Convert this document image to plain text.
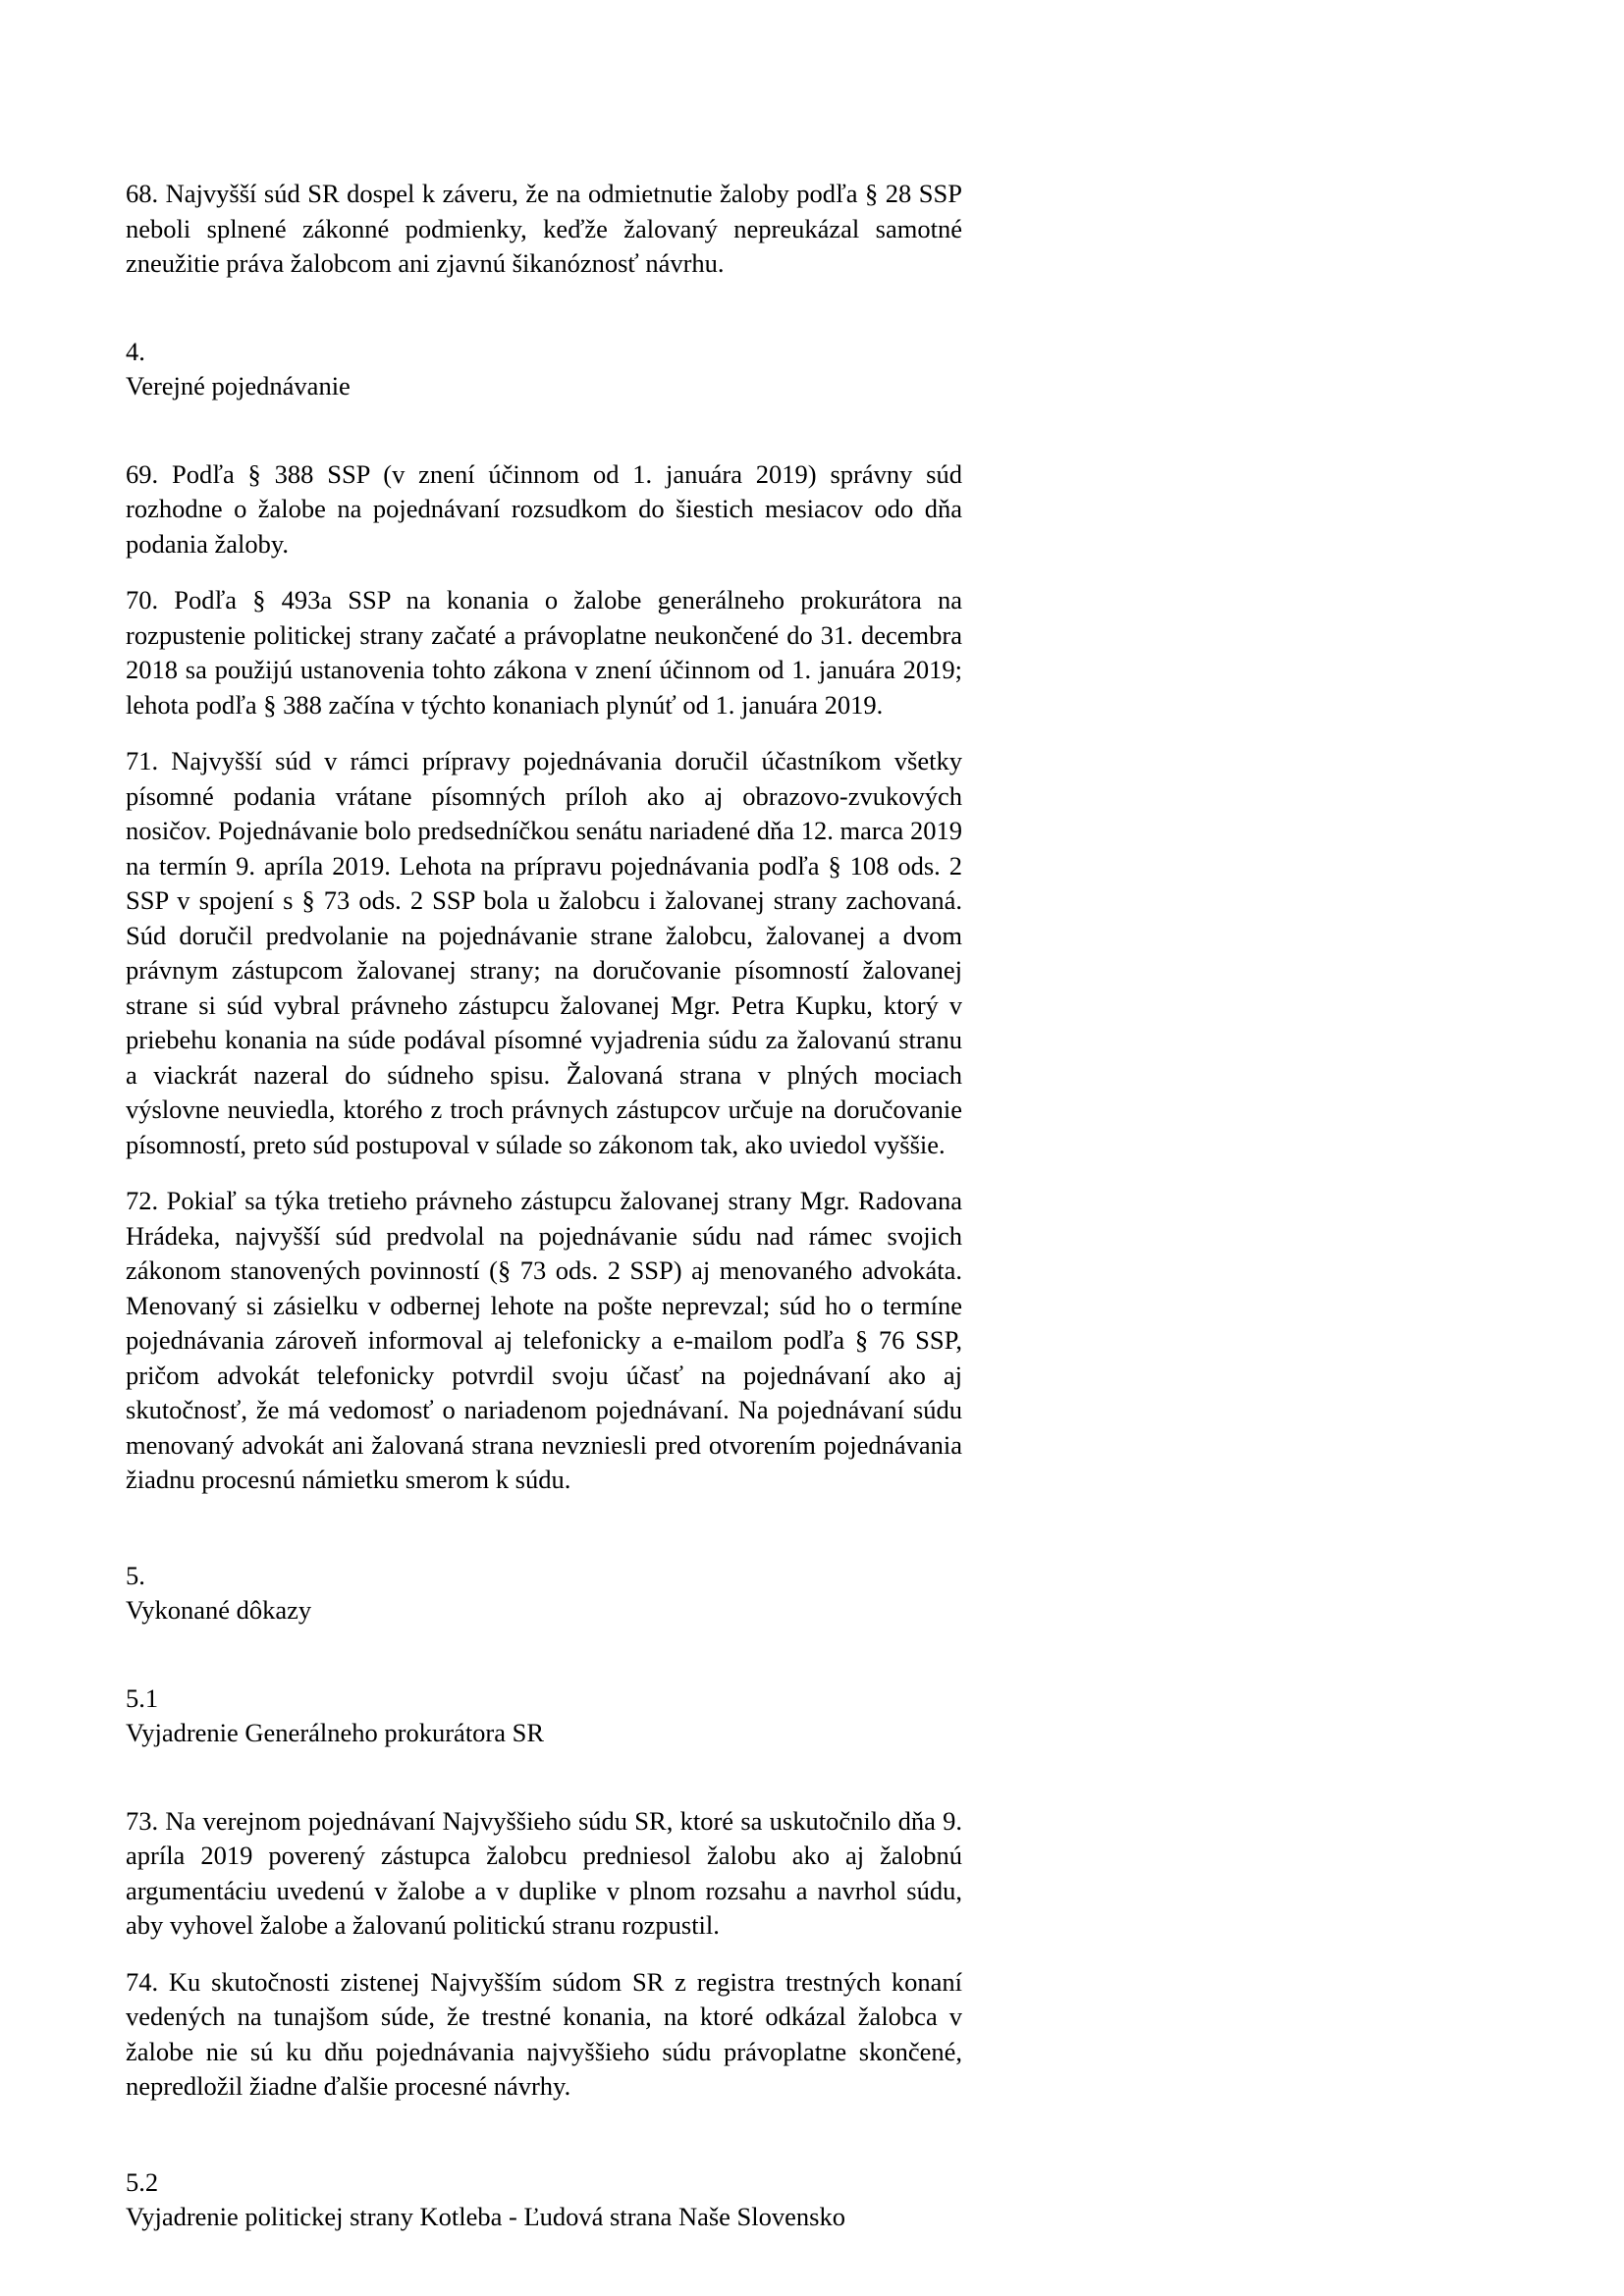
68. Najvyšší súd SR dospel k záveru, že na odmietnutie žaloby podľa § 28 SSP neboli splnené zákonné podmienky, keďže žalovaný nepreukázal samotné zneužitie práva žalobcom ani zjavnú šikanóznosť návrhu.

4.

Verejné pojednávanie

69. Podľa § 388 SSP (v znení účinnom od 1. januára 2019) správny súd rozhodne o žalobe na pojednávaní rozsudkom do šiestich mesiacov odo dňa podania žaloby.

70. Podľa § 493a SSP na konania o žalobe generálneho prokurátora na rozpustenie politickej strany začaté a právoplatne neukončené do 31. decembra 2018 sa použijú ustanovenia tohto zákona v znení účinnom od 1. januára 2019; lehota podľa § 388 začína v týchto konaniach plynúť od 1. januára 2019.

71. Najvyšší súd v rámci prípravy pojednávania doručil účastníkom všetky písomné podania vrátane písomných príloh ako aj obrazovo-zvukových nosičov. Pojednávanie bolo predsedníčkou senátu nariadené dňa 12. marca 2019 na termín 9. apríla 2019. Lehota na prípravu pojednávania podľa § 108 ods. 2 SSP v spojení s § 73 ods. 2 SSP bola u žalobcu i žalovanej strany zachovaná. Súd doručil predvolanie na pojednávanie strane žalobcu, žalovanej a dvom právnym zástupcom žalovanej strany; na doručovanie písomností žalovanej strane si súd vybral právneho zástupcu žalovanej Mgr. Petra Kupku, ktorý v priebehu konania na súde podával písomné vyjadrenia súdu za žalovanú stranu a viackrát nazeral do súdneho spisu. Žalovaná strana v plných mociach výslovne neuviedla, ktorého z troch právnych zástupcov určuje na doručovanie písomností, preto súd postupoval v súlade so zákonom tak, ako uviedol vyššie.

72. Pokiaľ sa týka tretieho právneho zástupcu žalovanej strany Mgr. Radovana Hrádeka, najvyšší súd predvolal na pojednávanie súdu nad rámec svojich zákonom stanovených povinností (§ 73 ods. 2 SSP) aj menovaného advokáta. Menovaný si zásielku v odbernej lehote na pošte neprevzal; súd ho o termíne pojednávania zároveň informoval aj telefonicky a e-mailom podľa § 76 SSP, pričom advokát telefonicky potvrdil svoju účasť na pojednávaní ako aj skutočnosť, že má vedomosť o nariadenom pojednávaní. Na pojednávaní súdu menovaný advokát ani žalovaná strana nevzniesli pred otvorením pojednávania žiadnu procesnú námietku smerom k súdu.

5.

Vykonané dôkazy

5.1

Vyjadrenie Generálneho prokurátora SR

73. Na verejnom pojednávaní Najvyššieho súdu SR, ktoré sa uskutočnilo dňa 9. apríla 2019 poverený zástupca žalobcu predniesol žalobu ako aj žalobnú argumentáciu uvedenú v žalobe a v duplike v plnom rozsahu a navrhol súdu, aby vyhovel žalobe a žalovanú politickú stranu rozpustil.

74. Ku skutočnosti zistenej Najvyšším súdom SR z registra trestných konaní vedených na tunajšom súde, že trestné konania, na ktoré odkázal žalobca v žalobe nie sú ku dňu pojednávania najvyššieho súdu právoplatne skončené, nepredložil žiadne ďalšie procesné návrhy.

5.2

Vyjadrenie politickej strany Kotleba - Ľudová strana Naše Slovensko
